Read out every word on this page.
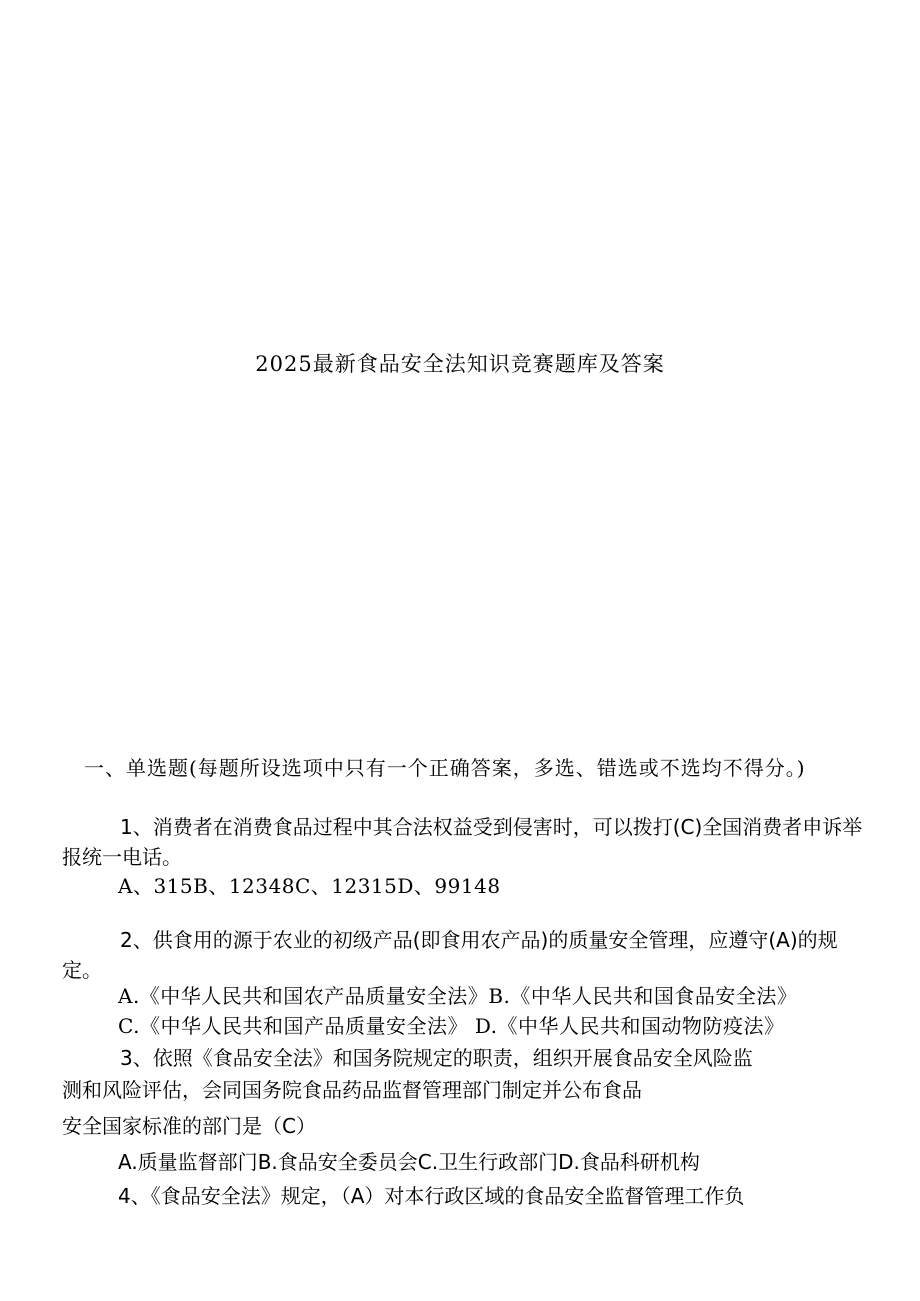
2025最新食品安全法知识竞赛题库及答案
一、单选题(每题所设选项中只有一个正确答案，多选、错选或不选均不得分。)
1、消费者在消费食品过程中其合法权益受到侵害时，可以拨打(C)全国消费者申诉举报统一电话。
A、315B、12348C、12315D、99148
2、供食用的源于农业的初级产品(即食用农产品)的质量安全管理，应遵守(A)的规定。
A.《中华人民共和国农产品质量安全法》B.《中华人民共和国食品安全法》
C.《中华人民共和国产品质量安全法》 D.《中华人民共和国动物防疫法》
3、依照《食品安全法》和国务院规定的职责，组织开展食品安全风险监
测和风险评估，会同国务院食品药品监督管理部门制定并公布食品
安全国家标准的部门是（C）
A.质量监督部门B.食品安全委员会C.卫生行政部门D.食品科研机构
4、《食品安全法》规定，（A）对本行政区域的食品安全监督管理工作负
